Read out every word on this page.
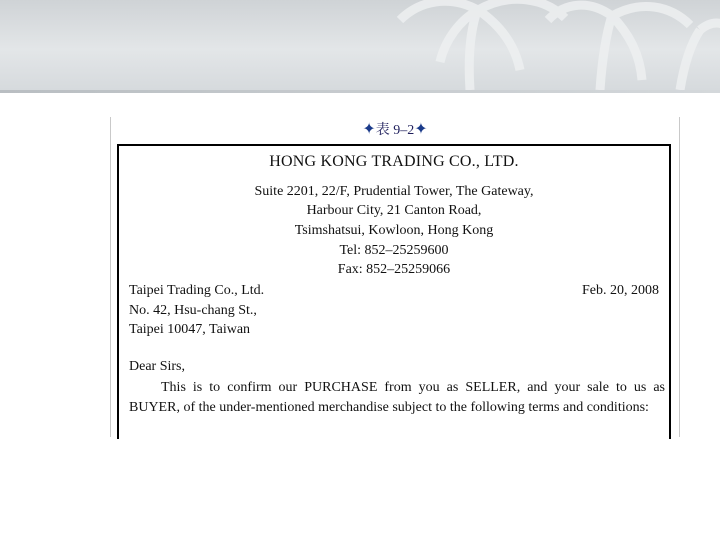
✦表 9–2✦
HONG KONG TRADING CO., LTD.
Suite 2201, 22/F, Prudential Tower, The Gateway,
Harbour City, 21 Canton Road,
Tsimshatsui, Kowloon, Hong Kong
Tel: 852–25259600
Fax: 852–25259066
Taipei Trading Co., Ltd.	Feb. 20, 2008
No. 42, Hsu-chang St.,
Taipei 10047, Taiwan
Dear Sirs,
This is to confirm our PURCHASE from you as SELLER, and your sale to us as BUYER, of the under-mentioned merchandise subject to the following terms and conditions:
